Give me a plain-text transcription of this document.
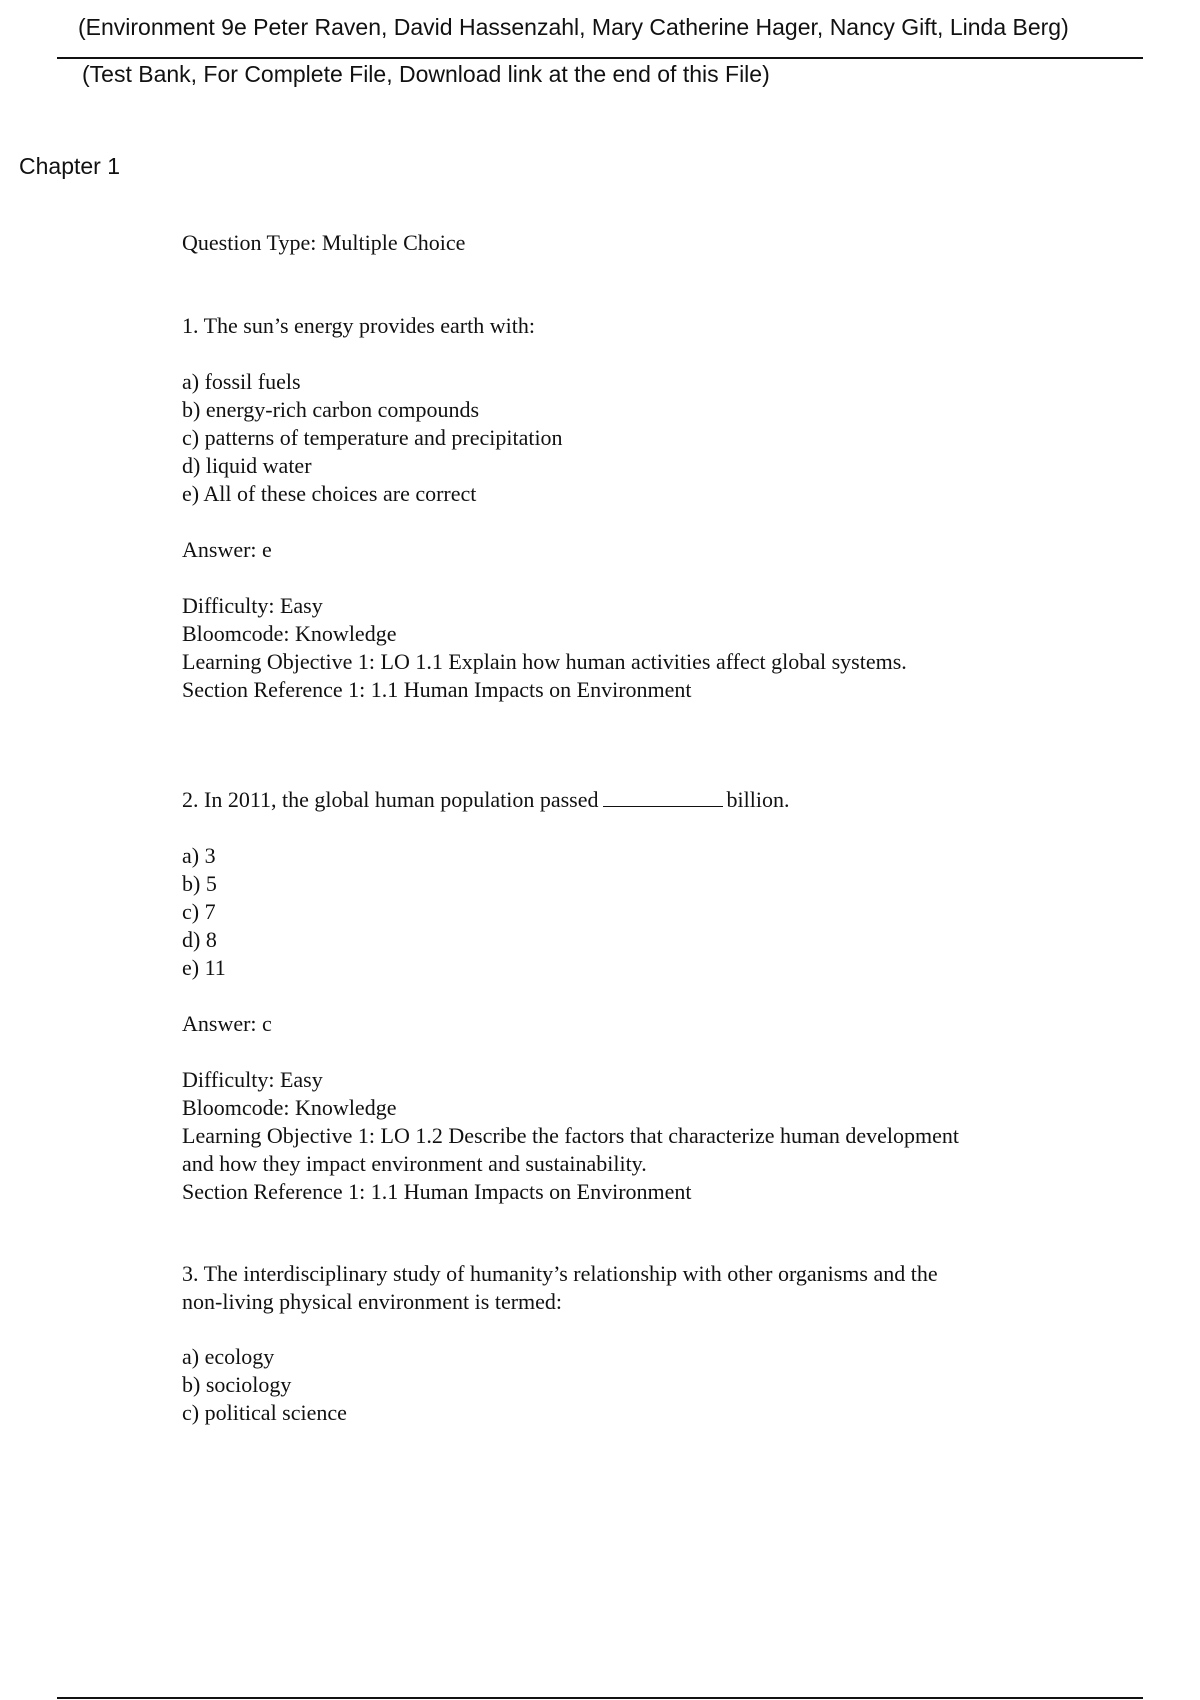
(Environment 9e Peter Raven, David Hassenzahl, Mary Catherine Hager, Nancy Gift, Linda Berg)
(Test Bank, For Complete File, Download link at the end of this File)
Chapter 1
Question Type: Multiple Choice
1. The sun’s energy provides earth with:
a) fossil fuels
b) energy-rich carbon compounds
c) patterns of temperature and precipitation
d) liquid water
e) All of these choices are correct
Answer: e
Difficulty: Easy
Bloomcode: Knowledge
Learning Objective 1: LO 1.1 Explain how human activities affect global systems.
Section Reference 1: 1.1 Human Impacts on Environment
2. In 2011, the global human population passed	billion.
a) 3
b) 5
c) 7
d) 8
e) 11
Answer: c
Difficulty: Easy
Bloomcode: Knowledge
Learning Objective 1: LO 1.2 Describe the factors that characterize human development
and how they impact environment and sustainability.
Section Reference 1: 1.1 Human Impacts on Environment
3. The interdisciplinary study of humanity’s relationship with other organisms and the
non-living physical environment is termed:
a) ecology
b) sociology
c) political science
